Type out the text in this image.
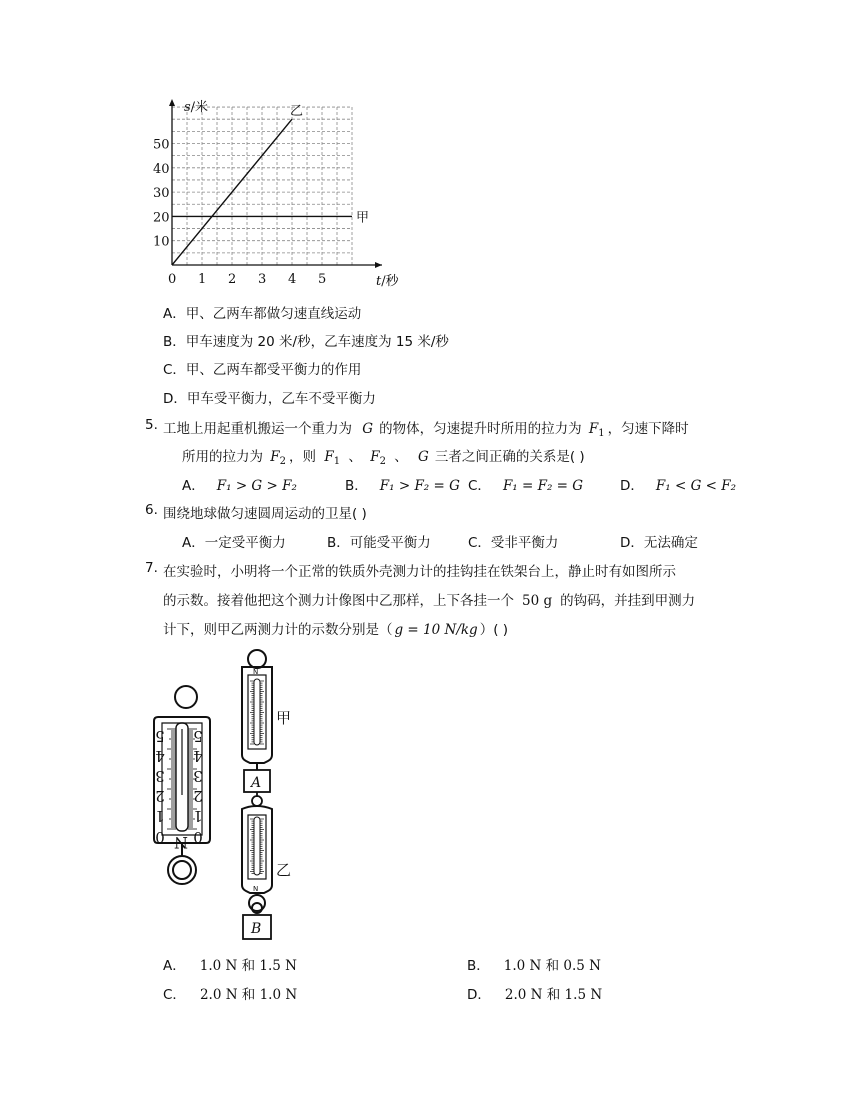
0 1 2 3 4 5
10
20
30
40
50
甲
乙
s/米
t/秒
A．甲、乙两车都做匀速直线运动
B．甲车速度为 20 米/秒，乙车速度为 15 米/秒
C．甲、乙两车都受平衡力的作用
D．甲车受平衡力，乙车不受平衡力
5. 工地上用起重机搬运一个重力为 G 的物体，匀速提升时所用的拉力为 $F_1$ ，匀速下降时
所用的拉力为 $F_2$ ，则 $F_1$ 、 $F_2$ 、 G 三者之间正确的关系是( )
A． F₁ > G > F₂	B． F₁ > F₂ = G C． F₁ = F₂ = G	D． F₁ < G < F₂
6. 围绕地球做匀速圆周运动的卫星( )
A．一定受平衡力	B．可能受平衡力	C．受非平衡力	D．无法确定
7. 在实验时，小明将一个正常的铁质外壳测力计的挂钩挂在铁架台上，静止时有如图所示
的示数。接着他把这个测力计像图中乙那样，上下各挂一个 50 g 的钩码，并挂到甲测力
计下，则甲乙两测力计的示数分别是（ g = 10 N/kg ）( )
5 5
4 4
3 3
2 2
1 1
0 0
N
N
甲
A
N
乙
B
A． 1.0 N 和 1.5 N	B． 1.0 N 和 0.5 N
C． 2.0 N 和 1.0 N	D． 2.0 N 和 1.5 N
